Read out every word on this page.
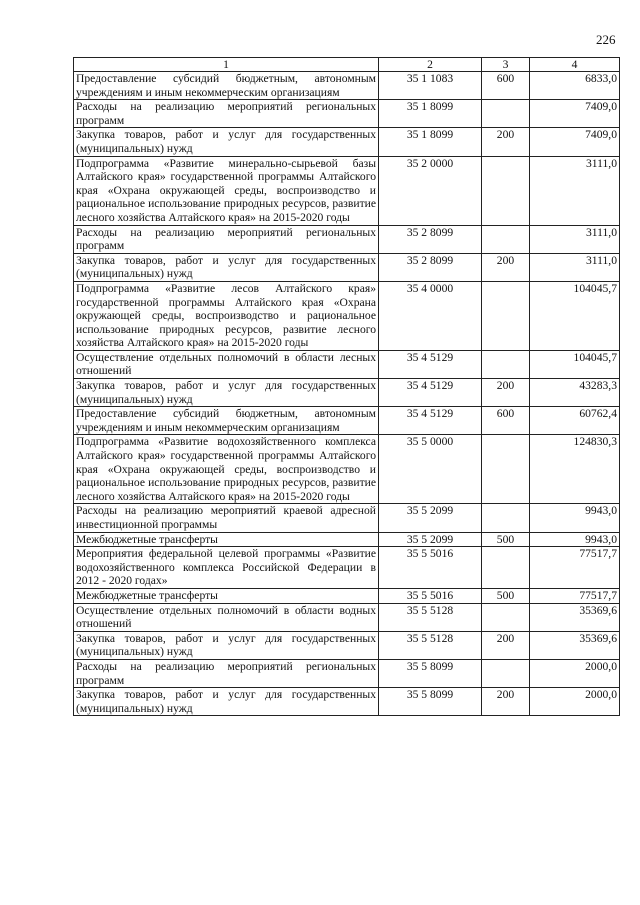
226
1	2	3	4
Предоставление субсидий бюджетным, автономным учреждениям и иным некоммерческим организациям	35 1 1083	600	6833,0
Расходы на реализацию мероприятий региональных программ	35 1 8099		7409,0
Закупка товаров, работ и услуг для государственных (муниципальных) нужд	35 1 8099	200	7409,0
Подпрограмма «Развитие минерально-сырьевой базы Алтайского края» государственной программы Алтайского края «Охрана окружающей среды, воспроизводство и рациональное использование природных ресурсов, развитие лесного хозяйства Алтайского края» на 2015-2020 годы	35 2 0000		3111,0
Расходы на реализацию мероприятий региональных программ	35 2 8099		3111,0
Закупка товаров, работ и услуг для государственных (муниципальных) нужд	35 2 8099	200	3111,0
Подпрограмма «Развитие лесов Алтайского края» государственной программы Алтайского края «Охрана окружающей среды, воспроизводство и рациональное использование природных ресурсов, развитие лесного хозяйства Алтайского края» на 2015-2020 годы	35 4 0000		104045,7
Осуществление отдельных полномочий в области лесных отношений	35 4 5129		104045,7
Закупка товаров, работ и услуг для государственных (муниципальных) нужд	35 4 5129	200	43283,3
Предоставление субсидий бюджетным, автономным учреждениям и иным некоммерческим организациям	35 4 5129	600	60762,4
Подпрограмма «Развитие водохозяйственного комплекса Алтайского края» государственной программы Алтайского края «Охрана окружающей среды, воспроизводство и рациональное использование природных ресурсов, развитие лесного хозяйства Алтайского края» на 2015-2020 годы	35 5 0000		124830,3
Расходы на реализацию мероприятий краевой адресной инвестиционной программы	35 5 2099		9943,0
Межбюджетные трансферты	35 5 2099	500	9943,0
Мероприятия федеральной целевой программы «Развитие водохозяйственного комплекса Российской Федерации в 2012 - 2020 годах»	35 5 5016		77517,7
Межбюджетные трансферты	35 5 5016	500	77517,7
Осуществление отдельных полномочий в области водных отношений	35 5 5128		35369,6
Закупка товаров, работ и услуг для государственных (муниципальных) нужд	35 5 5128	200	35369,6
Расходы на реализацию мероприятий региональных программ	35 5 8099		2000,0
Закупка товаров, работ и услуг для государственных (муниципальных) нужд	35 5 8099	200	2000,0
